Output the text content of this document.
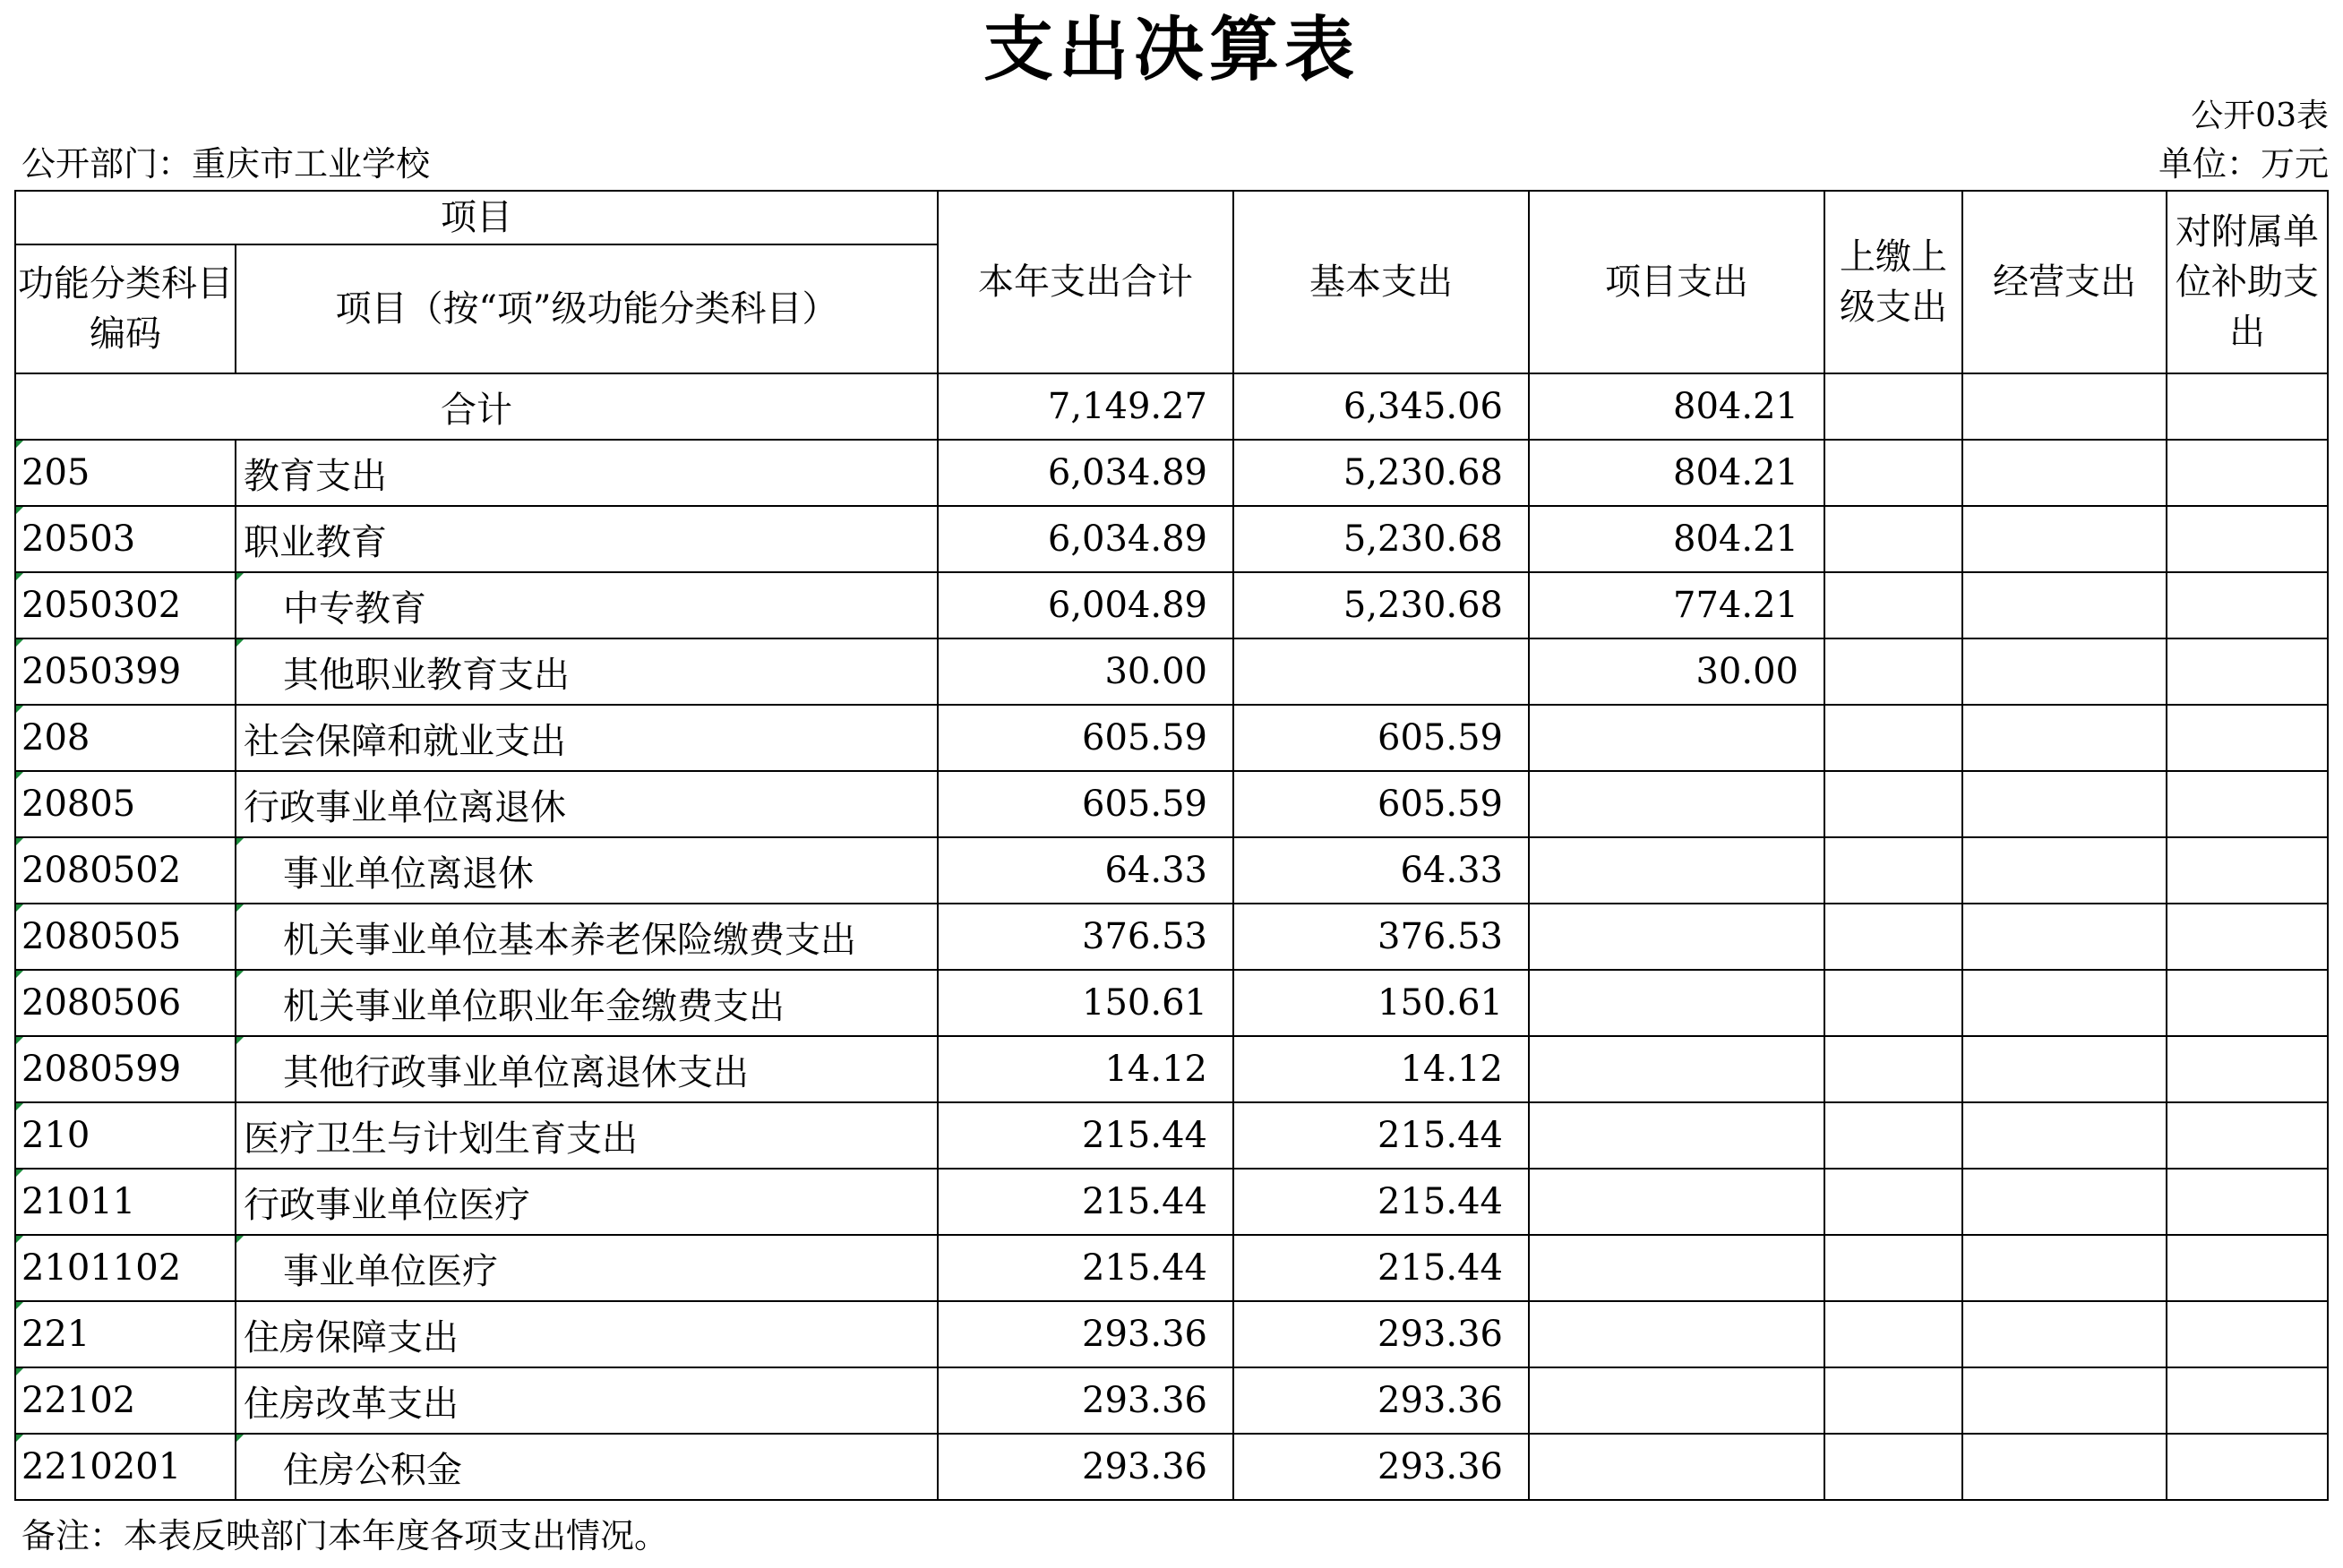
支出决算表
公开03表
公开部门：重庆市工业学校	单位：万元
项目		本年支出合计	基本支出	项目支出	上缴上级支出	经营支出	对附属单位补助支出
功能分类科目编码	项目（按“项”级功能分类科目）						
合计		7,149.27	6,345.06	804.21			
205	教育支出	6,034.89	5,230.68	804.21			
20503	职业教育	6,034.89	5,230.68	804.21			
2050302	中专教育	6,004.89	5,230.68	774.21			
2050399	其他职业教育支出	30.00		30.00			
208	社会保障和就业支出	605.59	605.59				
20805	行政事业单位离退休	605.59	605.59				
2080502	事业单位离退休	64.33	64.33				
2080505	机关事业单位基本养老保险缴费支出	376.53	376.53				
2080506	机关事业单位职业年金缴费支出	150.61	150.61				
2080599	其他行政事业单位离退休支出	14.12	14.12				
210	医疗卫生与计划生育支出	215.44	215.44				
21011	行政事业单位医疗	215.44	215.44				
2101102	事业单位医疗	215.44	215.44				
221	住房保障支出	293.36	293.36				
22102	住房改革支出	293.36	293.36				
2210201	住房公积金	293.36	293.36				
备注：本表反映部门本年度各项支出情况。
